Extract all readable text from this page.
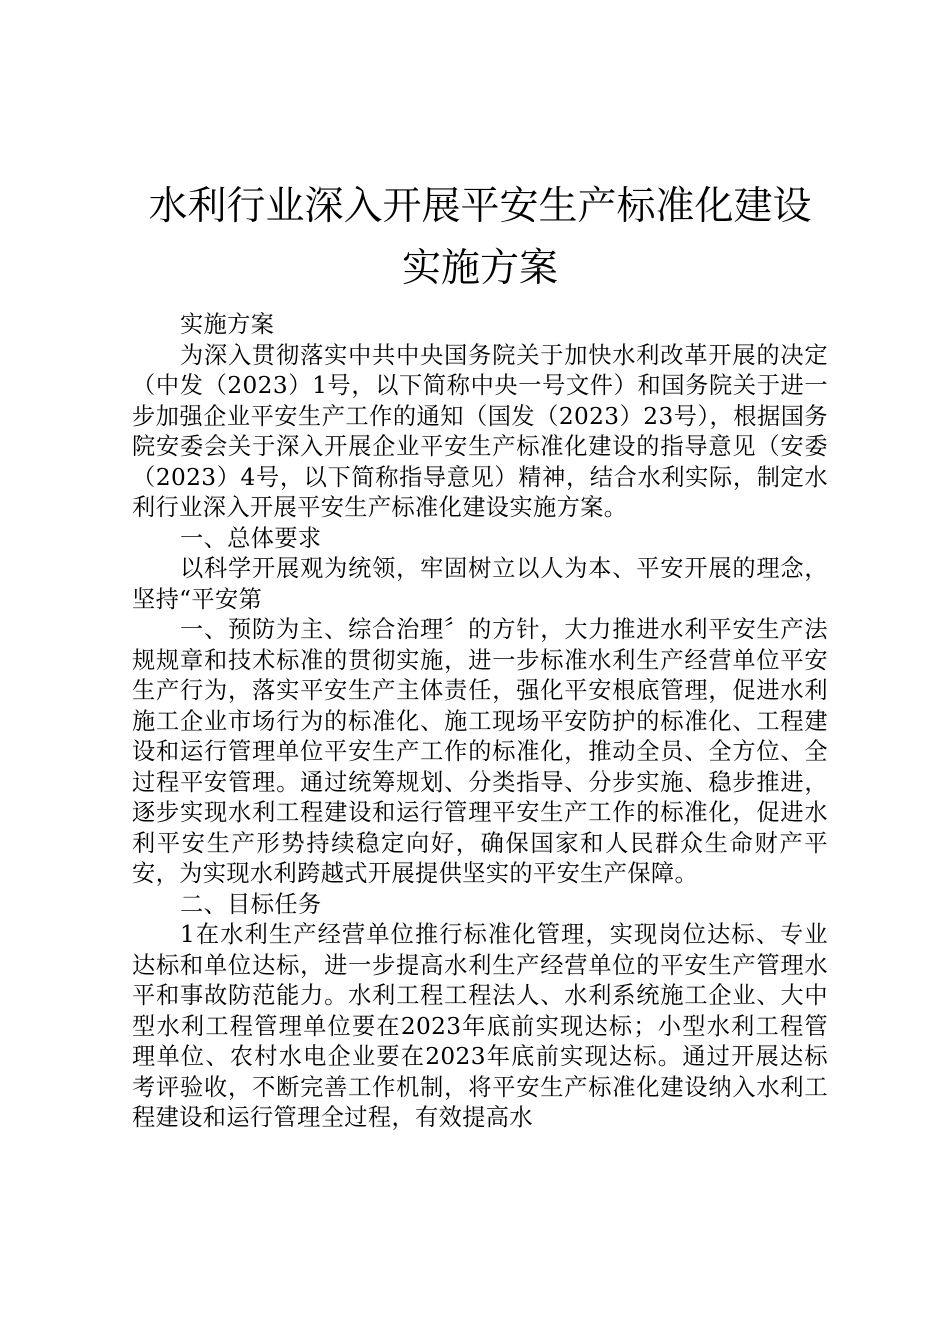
水利行业深入开展平安生产标准化建设实施方案

实施方案

为深入贯彻落实中共中央国务院关于加快水利改革开展的决定（中发（2023）1号，以下简称中央一号文件）和国务院关于进一步加强企业平安生产工作的通知（国发（2023）23号），根据国务院安委会关于深入开展企业平安生产标准化建设的指导意见（安委（2023）4号，以下简称指导意见）精神，结合水利实际，制定水利行业深入开展平安生产标准化建设实施方案。

一、总体要求

以科学开展观为统领，牢固树立以人为本、平安开展的理念，坚持“平安第

一、预防为主、综合治理〞的方针，大力推进水利平安生产法规规章和技术标准的贯彻实施，进一步标准水利生产经营单位平安生产行为，落实平安生产主体责任，强化平安根底管理，促进水利施工企业市场行为的标准化、施工现场平安防护的标准化、工程建设和运行管理单位平安生产工作的标准化，推动全员、全方位、全过程平安管理。通过统筹规划、分类指导、分步实施、稳步推进，逐步实现水利工程建设和运行管理平安生产工作的标准化，促进水利平安生产形势持续稳定向好，确保国家和人民群众生命财产平安，为实现水利跨越式开展提供坚实的平安生产保障。

二、目标任务

1在水利生产经营单位推行标准化管理，实现岗位达标、专业达标和单位达标，进一步提高水利生产经营单位的平安生产管理水平和事故防范能力。水利工程工程法人、水利系统施工企业、大中型水利工程管理单位要在2023年底前实现达标；小型水利工程管理单位、农村水电企业要在2023年底前实现达标。通过开展达标考评验收，不断完善工作机制，将平安生产标准化建设纳入水利工程建设和运行管理全过程，有效提高水
